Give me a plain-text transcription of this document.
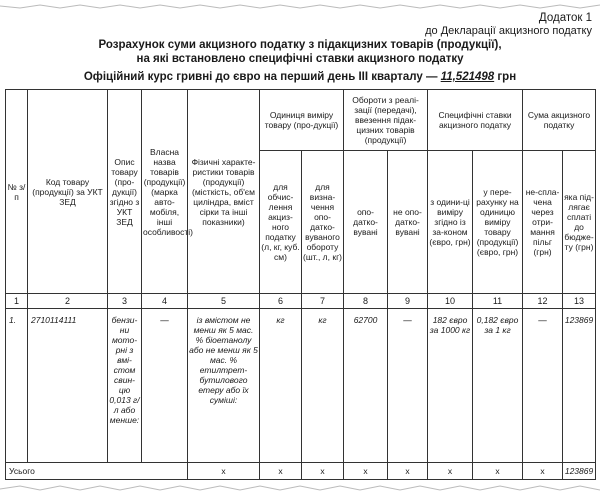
Додаток 1
до Декларації акцизного податку
Розрахунок суми акцизного податку з підакцизних товарів (продукції),
на які встановлено специфічні ставки акцизного податку
Офіційний курс гривні до євро на перший день III кварталу — 11,521498 грн
№ з/п	Код товару (продукції) за УКТ ЗЕД	Опис товару (про-дукції) згідно з УКТ ЗЕД	Власна назва товарів (продукції) (марка авто-мобіля, інші особливості)	Фізичні характе-ристики товарів (продукції) (місткість, об'єм циліндра, вміст сірки та інші показники)	Одиниця виміру товару (про-дукції)		Обороти з реалі-зації (передачі), ввезення підак-цизних товарів (продукції)		Специфічні ставки акцизного податку		Сума акцизного податку	
					для обчис-лення акциз-ного податку (л, кг, куб. см)	для визна-чення опо-датко-вуваного обороту (шт., л, кг)	опо-датко-вувані	не опо-датко-вувані	з одини-ці виміру згідно із за-коном (євро, грн)	у пере-рахунку на одиницю виміру товару (продукції) (євро, грн)	не-спла-чена через отри-мання пільг (грн)	яка під-лягає сплаті до бюдже-ту (грн)
1	2	3	4	5	6	7	8	9	10	11	12	13
1.	2710114111	бензи-ни мото-рні з вмі-стом свин-цю 0,013 г/л або менше:	—	із вмістом не менш як 5 мас. % біоетанолу або не менш як 5 мас. % етилтрет-бутилового етеру або їх суміші:	кг	кг	62700	—	182 євро за 1000 кг	0,182 євро за 1 кг	—	123869
Усього				x	x	x	x	x	x	x	x	123869
